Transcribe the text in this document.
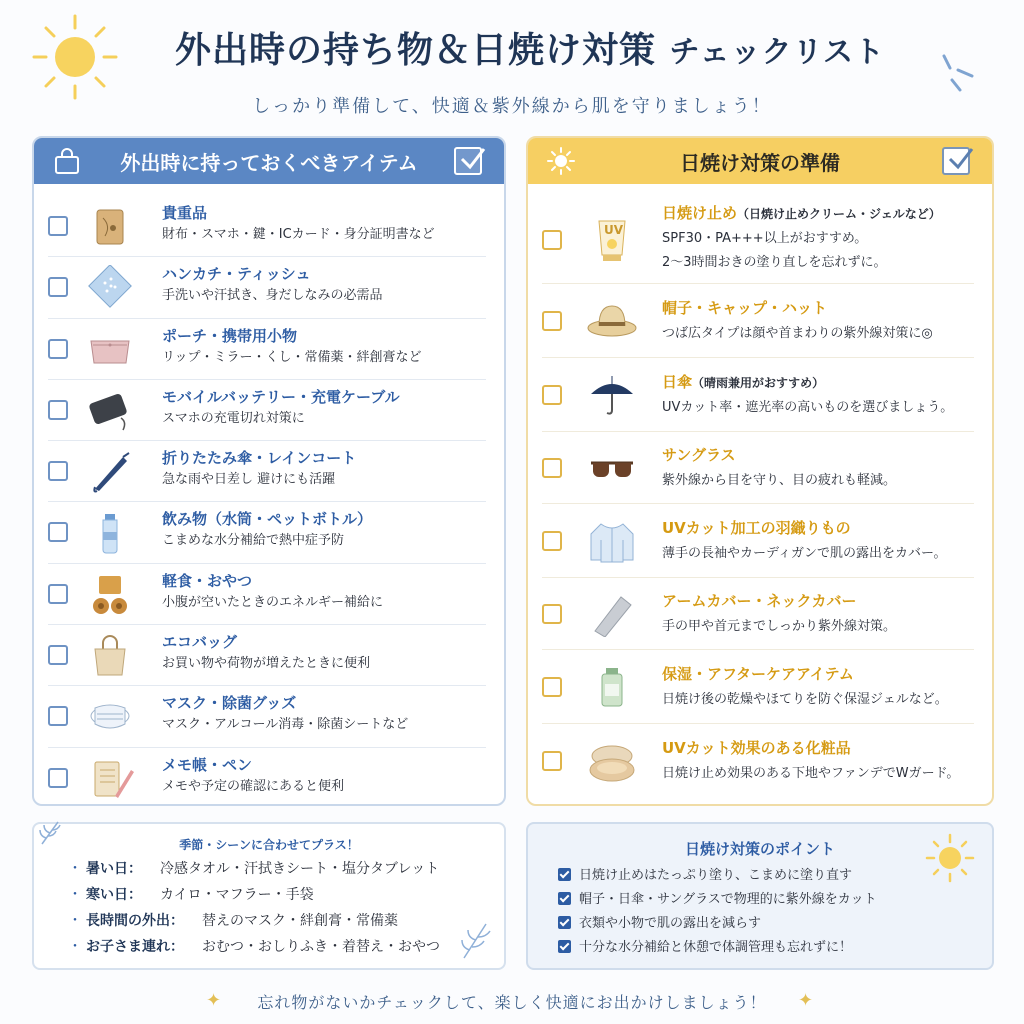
外出時の持ち物＆日焼け対策 チェックリスト
しっかり準備して、快適＆紫外線から肌を守りましょう！
外出時に持っておくべきアイテム
貴重品
財布・スマホ・鍵・ICカード・身分証明書など
ハンカチ・ティッシュ
手洗いや汗拭き、身だしなみの必需品
ポーチ・携帯用小物
リップ・ミラー・くし・常備薬・絆創膏など
モバイルバッテリー・充電ケーブル
スマホの充電切れ対策に
折りたたみ傘・レインコート
急な雨や日差し 避けにも活躍
飲み物（水筒・ペットボトル）
こまめな水分補給で熱中症予防
軽食・おやつ
小腹が空いたときのエネルギー補給に
エコバッグ
お買い物や荷物が増えたときに便利
マスク・除菌グッズ
マスク・アルコール消毒・除菌シートなど
メモ帳・ペン
メモや予定の確認にあると便利
日焼け対策の準備
UV
日焼け止め（日焼け止めクリーム・ジェルなど）
SPF30・PA+++以上がおすすめ。
2〜3時間おきの塗り直しを忘れずに。
帽子・キャップ・ハット
つば広タイプは顔や首まわりの紫外線対策に◎
日傘（晴雨兼用がおすすめ）
UVカット率・遮光率の高いものを選びましょう。
サングラス
紫外線から目を守り、目の疲れも軽減。
UVカット加工の羽織りもの
薄手の長袖やカーディガンで肌の露出をカバー。
アームカバー・ネックカバー
手の甲や首元までしっかり紫外線対策。
保湿・アフターケアアイテム
日焼け後の乾燥やほてりを防ぐ保湿ジェルなど。
UVカット効果のある化粧品
日焼け止め効果のある下地やファンデでWガード。
季節・シーンに合わせてプラス！
・ 暑い日： 冷感タオル・汗拭きシート・塩分タブレット
・ 寒い日： カイロ・マフラー・手袋
・ 長時間の外出： 替えのマスク・絆創膏・常備薬
・ お子さま連れ： おむつ・おしりふき・着替え・おやつ
日焼け対策のポイント
日焼け止めはたっぷり塗り、こまめに塗り直す
帽子・日傘・サングラスで物理的に紫外線をカット
衣類や小物で肌の露出を減らす
十分な水分補給と休憩で体調管理も忘れずに！
✦	忘れ物がないかチェックして、楽しく快適にお出かけしましょう！	✦
